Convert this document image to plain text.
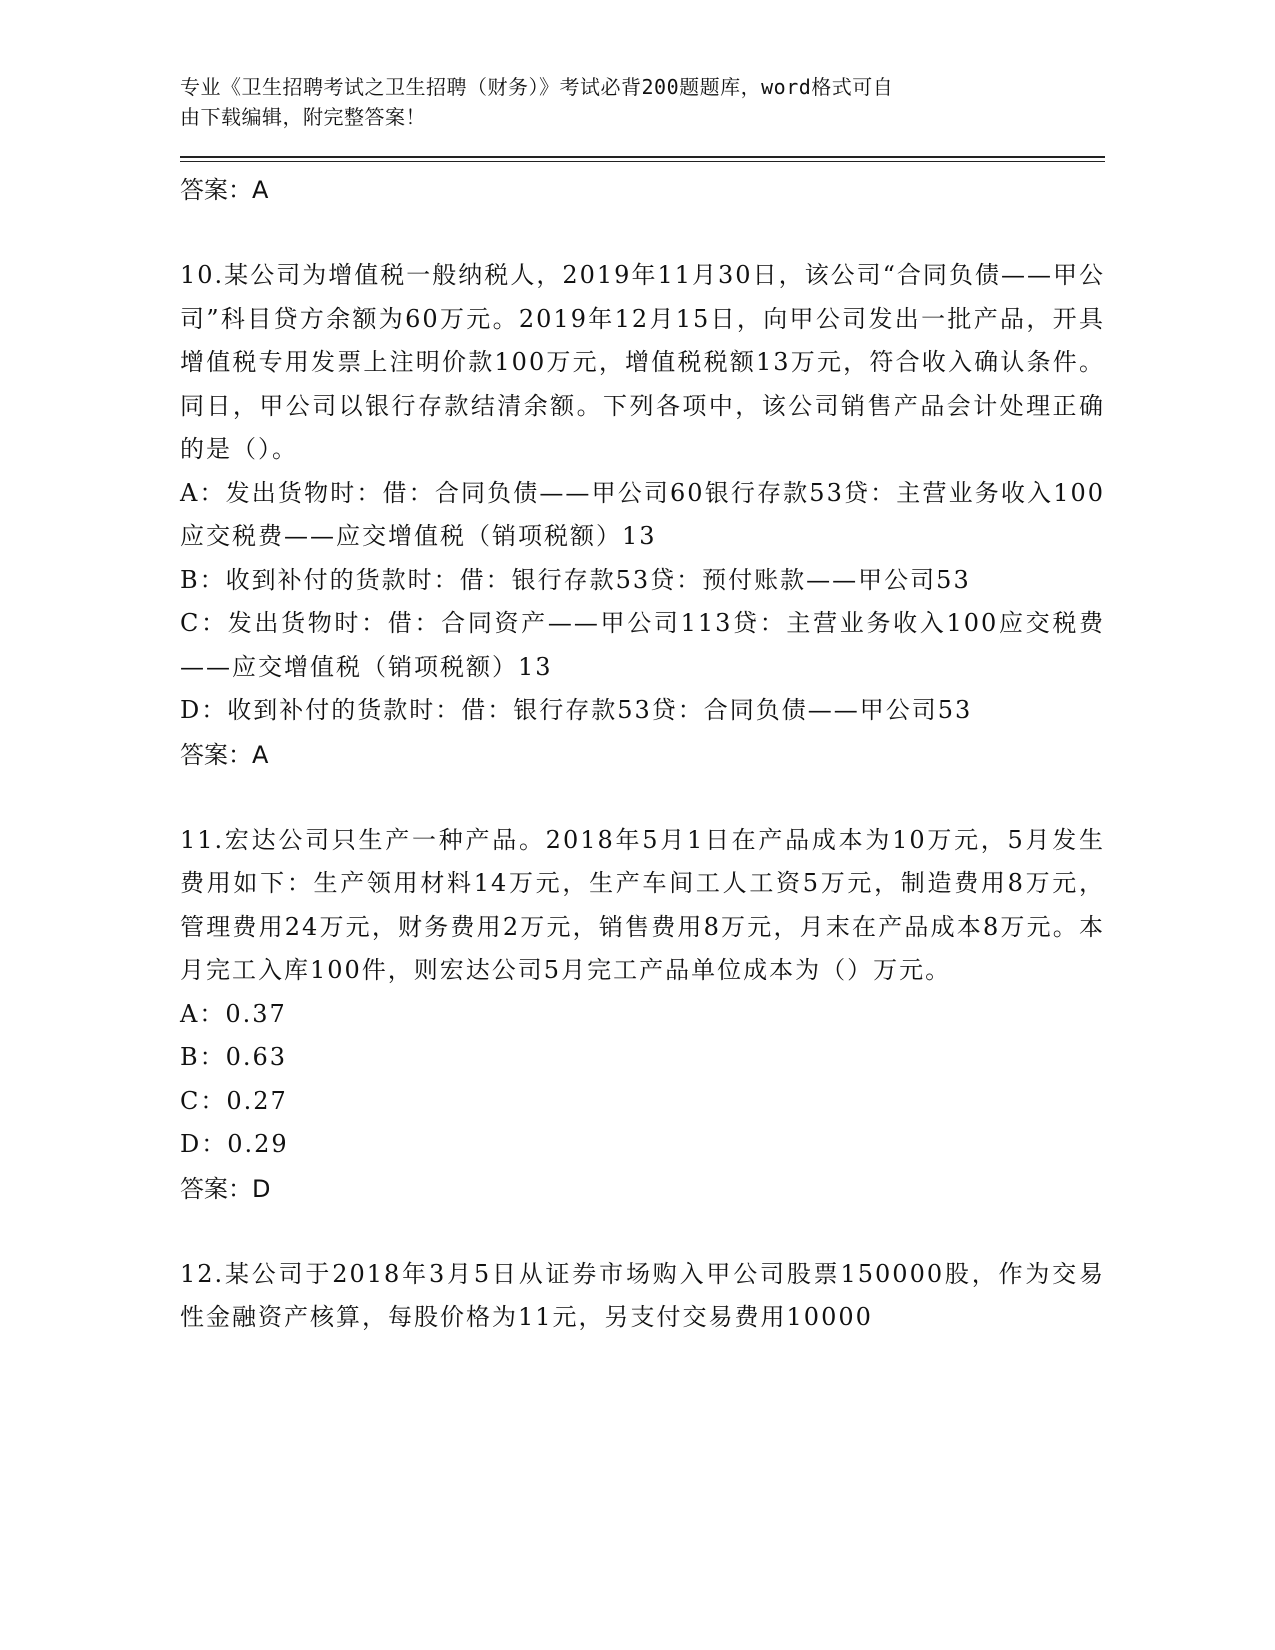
专业《卫生招聘考试之卫生招聘（财务）》考试必背200题题库，word格式可自
由下载编辑，附完整答案！
答案：A
10.某公司为增值税一般纳税人，2019年11月30日，该公司“合同负债——甲公司”科目贷方余额为60万元。2019年12月15日，向甲公司发出一批产品，开具增值税专用发票上注明价款100万元，增值税税额13万元，符合收入确认条件。同日，甲公司以银行存款结清余额。下列各项中，该公司销售产品会计处理正确的是（）。
A：发出货物时：借：合同负债——甲公司60银行存款53贷：主营业务收入100应交税费——应交增值税（销项税额）13
B：收到补付的货款时：借：银行存款53贷：预付账款——甲公司53
C：发出货物时：借：合同资产——甲公司113贷：主营业务收入100应交税费——应交增值税（销项税额）13
D：收到补付的货款时：借：银行存款53贷：合同负债——甲公司53
答案：A
11.宏达公司只生产一种产品。2018年5月1日在产品成本为10万元，5月发生费用如下：生产领用材料14万元，生产车间工人工资5万元，制造费用8万元，管理费用24万元，财务费用2万元，销售费用8万元，月末在产品成本8万元。本月完工入库100件，则宏达公司5月完工产品单位成本为（）万元。
A：0.37
B：0.63
C：0.27
D：0.29
答案：D
12.某公司于2018年3月5日从证券市场购入甲公司股票150000股，作为交易性金融资产核算，每股价格为11元，另支付交易费用10000
